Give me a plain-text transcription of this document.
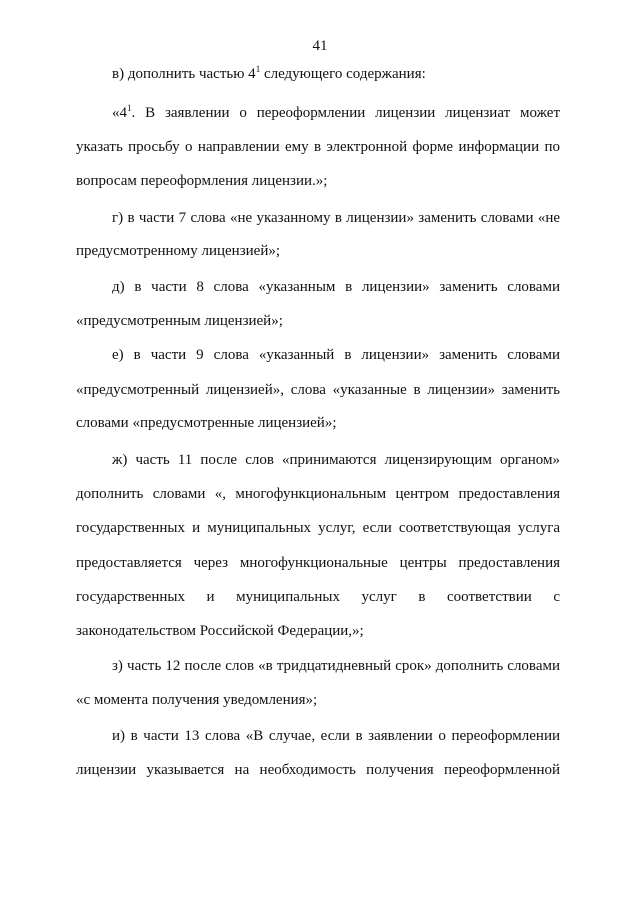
41
в) дополнить частью $4^1$ следующего содержания:
«$4^1$. В заявлении о переоформлении лицензии лицензиат может
указать просьбу о направлении ему в электронной форме информации по
вопросам переоформления лицензии.»;
г) в части 7 слова «не указанному в лицензии» заменить словами «не
предусмотренному лицензией»;
д) в части 8 слова «указанным в лицензии» заменить словами
«предусмотренным лицензией»;
е) в части 9 слова «указанный в лицензии» заменить словами
«предусмотренный лицензией», слова «указанные в лицензии» заменить
словами «предусмотренные лицензией»;
ж) часть 11 после слов «принимаются лицензирующим органом»
дополнить словами «, многофункциональным центром предоставления
государственных и муниципальных услуг, если соответствующая услуга
предоставляется через многофункциональные центры предоставления
государственных и муниципальных услуг в соответствии с
законодательством Российской Федерации,»;
з) часть 12 после слов «в тридцатидневный срок» дополнить словами
«с момента получения уведомления»;
и) в части 13 слова «В случае, если в заявлении о переоформлении
лицензии указывается на необходимость получения переоформленной
